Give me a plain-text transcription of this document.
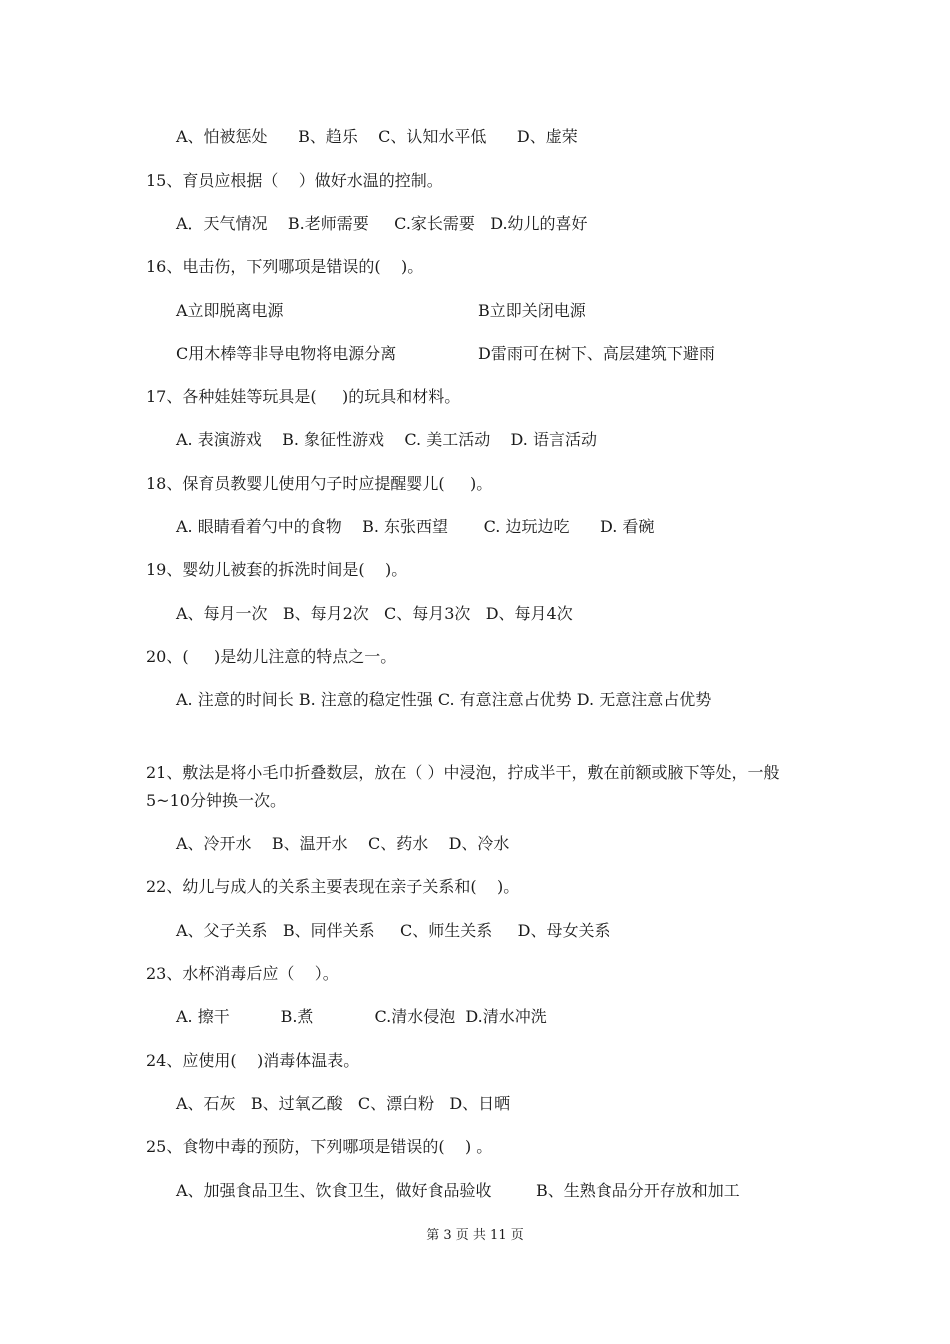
A、怕被惩处      B、趋乐    C、认知水平低      D、虚荣
15、育员应根据（    ）做好水温的控制。
A．天气情况    B.老师需要     C.家长需要   D.幼儿的喜好
16、电击伤，下列哪项是错误的(    )。
A立即脱离电源	B立即关闭电源
C用木棒等非导电物将电源分离	D雷雨可在树下、高层建筑下避雨
17、各种娃娃等玩具是(     )的玩具和材料。
A. 表演游戏    B. 象征性游戏    C. 美工活动    D. 语言活动
18、保育员教婴儿使用勺子时应提醒婴儿(     )。
A. 眼睛看着勺中的食物    B. 东张西望       C. 边玩边吃      D. 看碗
19、婴幼儿被套的拆洗时间是(    )。
A、每月一次   B、每月2次   C、每月3次   D、每月4次
20、(     )是幼儿注意的特点之一。
A. 注意的时间长 B. 注意的稳定性强 C. 有意注意占优势 D. 无意注意占优势
21、敷法是将小毛巾折叠数层，放在（ ）中浸泡，拧成半干，敷在前额或腋下等处，一般5~10分钟换一次。
A、冷开水    B、温开水    C、药水    D、冷水
22、幼儿与成人的关系主要表现在亲子关系和(    )。
A、父子关系   B、同伴关系     C、师生关系     D、母女关系
23、水杯消毒后应（    ）。
A. 擦干          B.煮            C.清水侵泡  D.清水冲洗
24、应使用(    )消毒体温表。
A、石灰   B、过氧乙酸   C、漂白粉   D、日晒
25、食物中毒的预防，下列哪项是错误的(    ) 。
A、加强食品卫生、饮食卫生，做好食品验收	B、生熟食品分开存放和加工
第 3 页 共 11 页
